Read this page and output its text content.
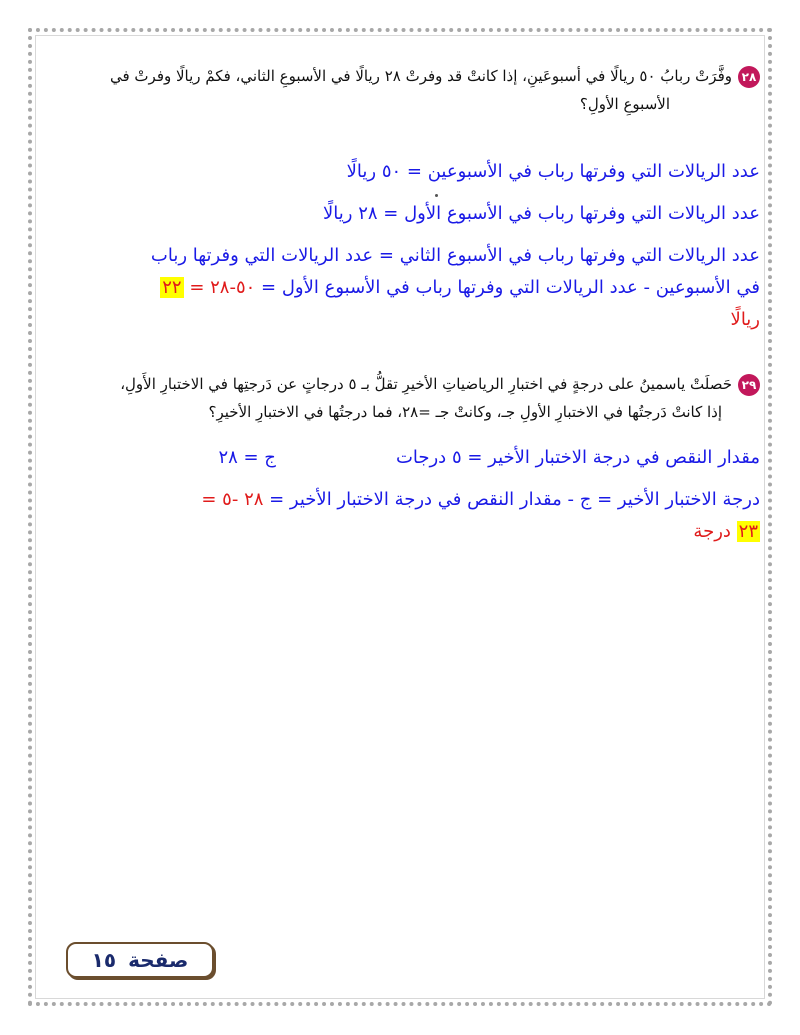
٢٨وفَّرَتْ ربابُ ٥٠ ريالًا في أسبوعَينِ، إذا كانتْ قد وفرتْ ٢٨ ريالًا في الأسبوعِ الثاني، فكمْ ريالًا وفرتْ في
الأسبوعِ الأولِ؟

عدد الريالات التي وفرتها رباب في الأسبوعين = ٥٠ ريالًا

عدد الريالات التي وفرتها رباب في الأسبوع الأول = ٢٨ ريالًا

عدد الريالات التي وفرتها رباب في الأسبوع الثاني = عدد الريالات التي وفرتها رباب
في الأسبوعين - عدد الريالات التي وفرتها رباب في الأسبوع الأول = ٥٠-٢٨ = ٢٢
ريالًا

٢٩حَصلَتْ ياسمينُ على درجةٍ في اختبارِ الرياضياتِ الأخيرِ تقلُّ بـ ٥ درجاتٍ عن دَرجتِها في الاختبارِ الأَولِ،
إذا كانتْ دَرجتُها في الاختبارِ الأولِ جـ، وكانتْ جـ =٢٨، فما درجتُها في الاختبارِ الأخيرِ؟
مقدار النقص في درجة الاختبار الأخير = ٥ درجات
ج = ٢٨

درجة الاختبار الأخير = ج - مقدار النقص في درجة الاختبار الأخير = ٢٨ -٥ =
٢٣ درجة

صفحة
١٥
